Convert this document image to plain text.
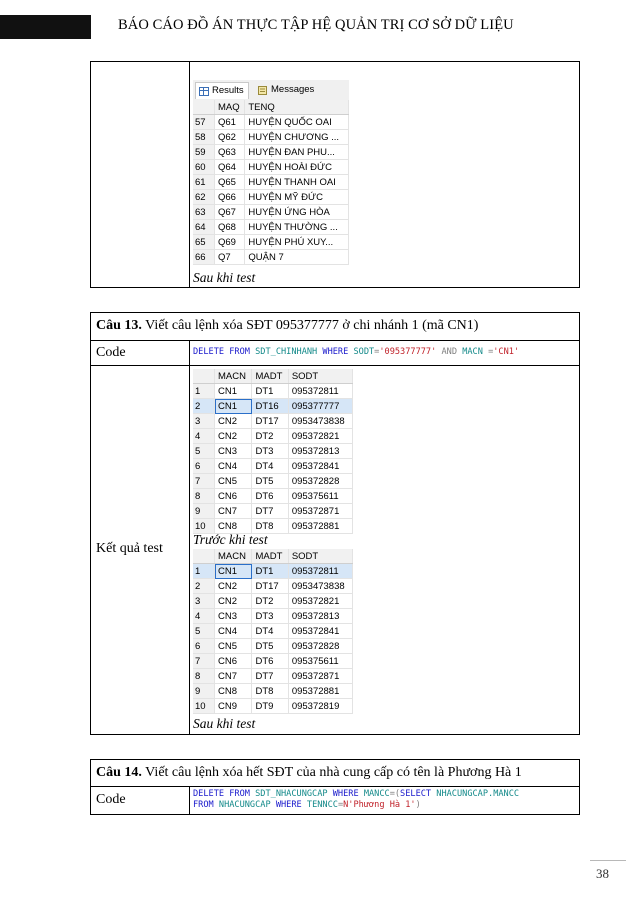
BÁO CÁO ĐỒ ÁN THỰC TẬP HỆ QUẢN TRỊ CƠ SỞ DỮ LIỆU
Results	Messages
	MAQ	TENQ
57	Q61	HUYỆN QUỐC OAI
58	Q62	HUYỆN CHƯƠNG ...
59	Q63	HUYỆN ĐAN PHU...
60	Q64	HUYỆN HOÀI ĐỨC
61	Q65	HUYỆN THANH OAI
62	Q66	HUYỆN MỸ ĐỨC
63	Q67	HUYỆN ỨNG HÒA
64	Q68	HUYỆN THƯỜNG ...
65	Q69	HUYỆN PHÚ XUY...
66	Q7	QUẬN 7
Sau khi test
Câu 13. Viết câu lệnh xóa SĐT 095377777 ở chi nhánh 1 (mã CN1)
Code	DELETE FROM SDT_CHINHANH WHERE SODT='095377777' AND MACN ='CN1'
Kết quả test
	MACN	MADT	SODT
1	CN1	DT1	095372811
2	CN1	DT16	095377777
3	CN2	DT17	0953473838
4	CN2	DT2	095372821
5	CN3	DT3	095372813
6	CN4	DT4	095372841
7	CN5	DT5	095372828
8	CN6	DT6	095375611
9	CN7	DT7	095372871
10	CN8	DT8	095372881
Trước khi test
	MACN	MADT	SODT
1	CN1	DT1	095372811
2	CN2	DT17	0953473838
3	CN2	DT2	095372821
4	CN3	DT3	095372813
5	CN4	DT4	095372841
6	CN5	DT5	095372828
7	CN6	DT6	095375611
8	CN7	DT7	095372871
9	CN8	DT8	095372881
10	CN9	DT9	095372819
Sau khi test
Câu 14. Viết câu lệnh xóa hết SĐT của nhà cung cấp có tên là Phương Hà 1
Code	DELETE FROM SDT_NHACUNGCAP WHERE MANCC=(SELECT NHACUNGCAP.MANCC
FROM NHACUNGCAP WHERE TENNCC=N'Phương Hà 1')
38
